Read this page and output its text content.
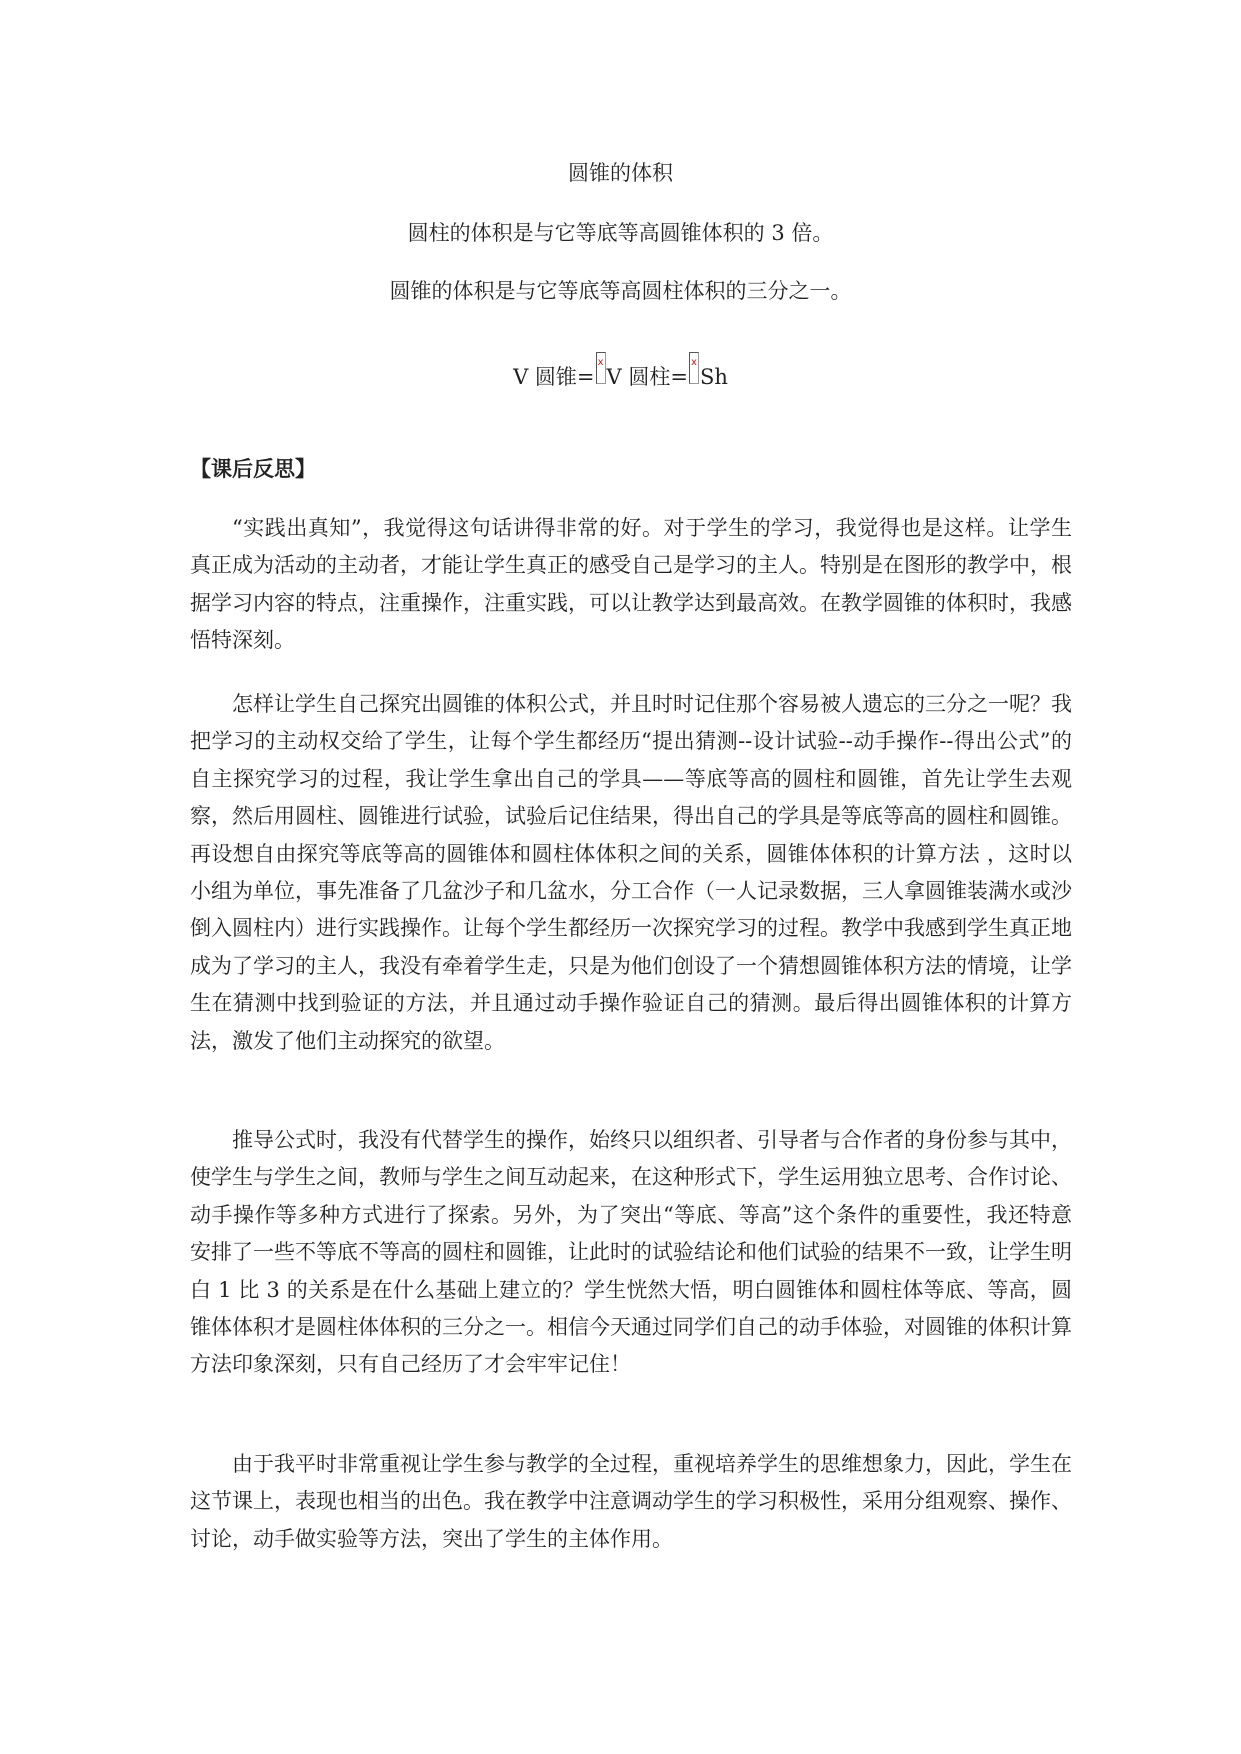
圆锥的体积
圆柱的体积是与它等底等高圆锥体积的 3 倍。
圆锥的体积是与它等底等高圆柱体积的三分之一。
V 圆锥=
x
V 圆柱=
x
Sh
【课后反思】

“实践出真知”，我觉得这句话讲得非常的好。对于学生的学习，我觉得也是这样。让学生真正成为活动的主动者，才能让学生真正的感受自己是学习的主人。特别是在图形的教学中，根据学习内容的特点，注重操作，注重实践，可以让教学达到最高效。在教学圆锥的体积时，我感悟特深刻。

怎样让学生自己探究出圆锥的体积公式，并且时时记住那个容易被人遗忘的三分之一呢？我把学习的主动权交给了学生，让每个学生都经历“提出猜测--设计试验--动手操作--得出公式”的自主探究学习的过程，我让学生拿出自己的学具——等底等高的圆柱和圆锥，首先让学生去观察，然后用圆柱、圆锥进行试验，试验后记住结果，得出自己的学具是等底等高的圆柱和圆锥。再设想自由探究等底等高的圆锥体和圆柱体体积之间的关系，圆锥体体积的计算方法 ，这时以小组为单位，事先准备了几盆沙子和几盆水，分工合作（一人记录数据，三人拿圆锥装满水或沙倒入圆柱内）进行实践操作。让每个学生都经历一次探究学习的过程。教学中我感到学生真正地成为了学习的主人，我没有牵着学生走，只是为他们创设了一个猜想圆锥体积方法的情境，让学生在猜测中找到验证的方法，并且通过动手操作验证自己的猜测。最后得出圆锥体积的计算方法，激发了他们主动探究的欲望。

推导公式时，我没有代替学生的操作，始终只以组织者、引导者与合作者的身份参与其中，使学生与学生之间，教师与学生之间互动起来，在这种形式下，学生运用独立思考、合作讨论、动手操作等多种方式进行了探索。另外，为了突出“等底、等高”这个条件的重要性，我还特意安排了一些不等底不等高的圆柱和圆锥，让此时的试验结论和他们试验的结果不一致，让学生明白 1 比 3 的关系是在什么基础上建立的？学生恍然大悟，明白圆锥体和圆柱体等底、等高，圆锥体体积才是圆柱体体积的三分之一。相信今天通过同学们自己的动手体验，对圆锥的体积计算方法印象深刻，只有自己经历了才会牢牢记住！

由于我平时非常重视让学生参与教学的全过程，重视培养学生的思维想象力，因此，学生在这节课上，表现也相当的出色。我在教学中注意调动学生的学习积极性，采用分组观察、操作、讨论，动手做实验等方法，突出了学生的主体作用。
